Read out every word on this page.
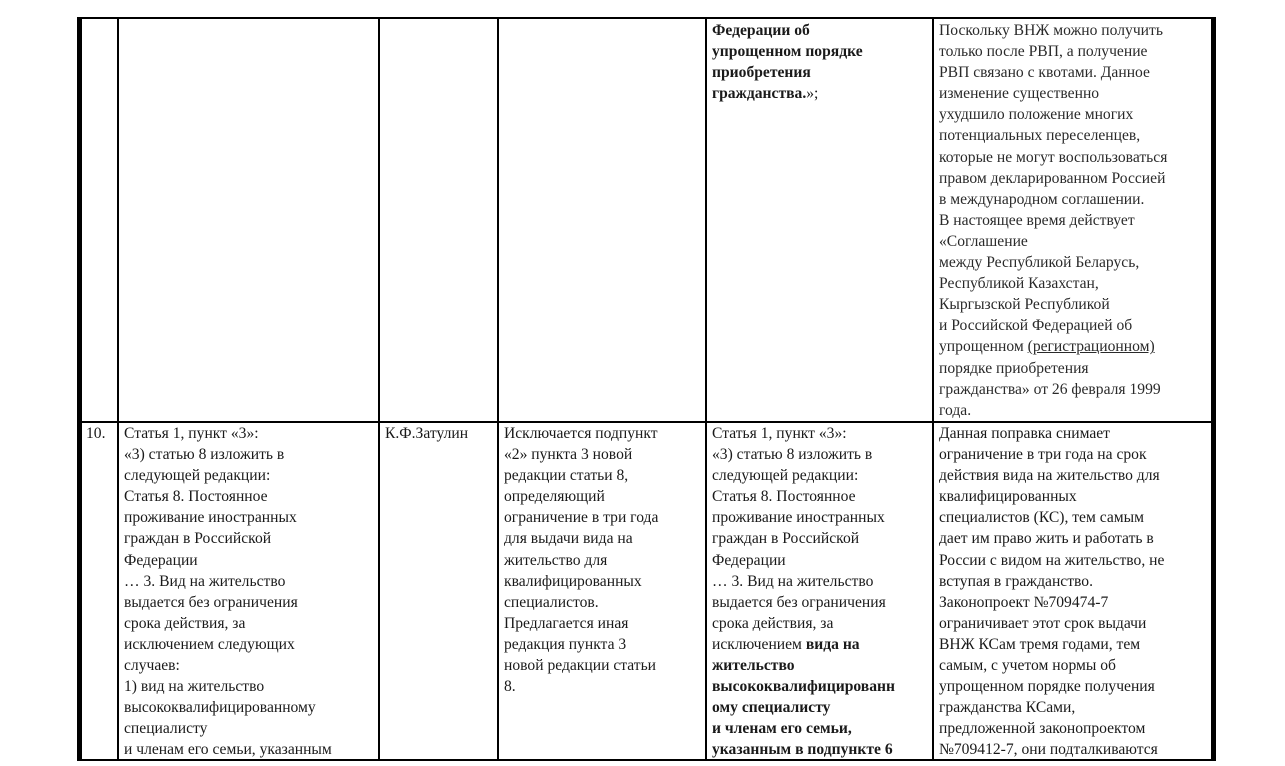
Федерации об
упрощенном порядке
приобретения
гражданства.»;
Поскольку ВНЖ можно получить
только после РВП, а получение
РВП связано с квотами. Данное
изменение существенно
ухудшило положение многих
потенциальных переселенцев,
которые не могут воспользоваться
правом декларированном Россией
в международном соглашении.
В настоящее время действует
«Соглашение
между Республикой Беларусь,
Республикой Казахстан,
Кыргызской Республикой
и Российской Федерацией об
упрощенном (регистрационном)
порядке приобретения
гражданства» от 26 февраля 1999
года.
10.	Статья 1, пункт «3»:
«3) статью 8 изложить в
следующей редакции:
Статья 8. Постоянное
проживание иностранных
граждан в Российской
Федерации
… 3. Вид на жительство
выдается без ограничения
срока действия, за
исключением следующих
случаев:
1) вид на жительство
высококвалифицированному
специалисту
и членам его семьи, указанным
К.Ф.Затулин	Исключается подпункт
«2» пункта 3 новой
редакции статьи 8,
определяющий
ограничение в три года
для выдачи вида на
жительство для
квалифицированных
специалистов.
Предлагается иная
редакция пункта 3
новой редакции статьи
8.
Статья 1, пункт «3»:
«3) статью 8 изложить в
следующей редакции:
Статья 8. Постоянное
проживание иностранных
граждан в Российской
Федерации
… 3. Вид на жительство
выдается без ограничения
срока действия, за
исключением вида на
жительство
высококвалифицированн
ому специалисту
и членам его семьи,
указанным в подпункте 6
Данная поправка снимает
ограничение в три года на срок
действия вида на жительство для
квалифицированных
специалистов (КС), тем самым
дает им право жить и работать в
России с видом на жительство, не
вступая в гражданство.
Законопроект №709474-7
ограничивает этот срок выдачи
ВНЖ КСам тремя годами, тем
самым, с учетом нормы об
упрощенном порядке получения
гражданства КСами,
предложенной законопроектом
№709412-7, они подталкиваются
